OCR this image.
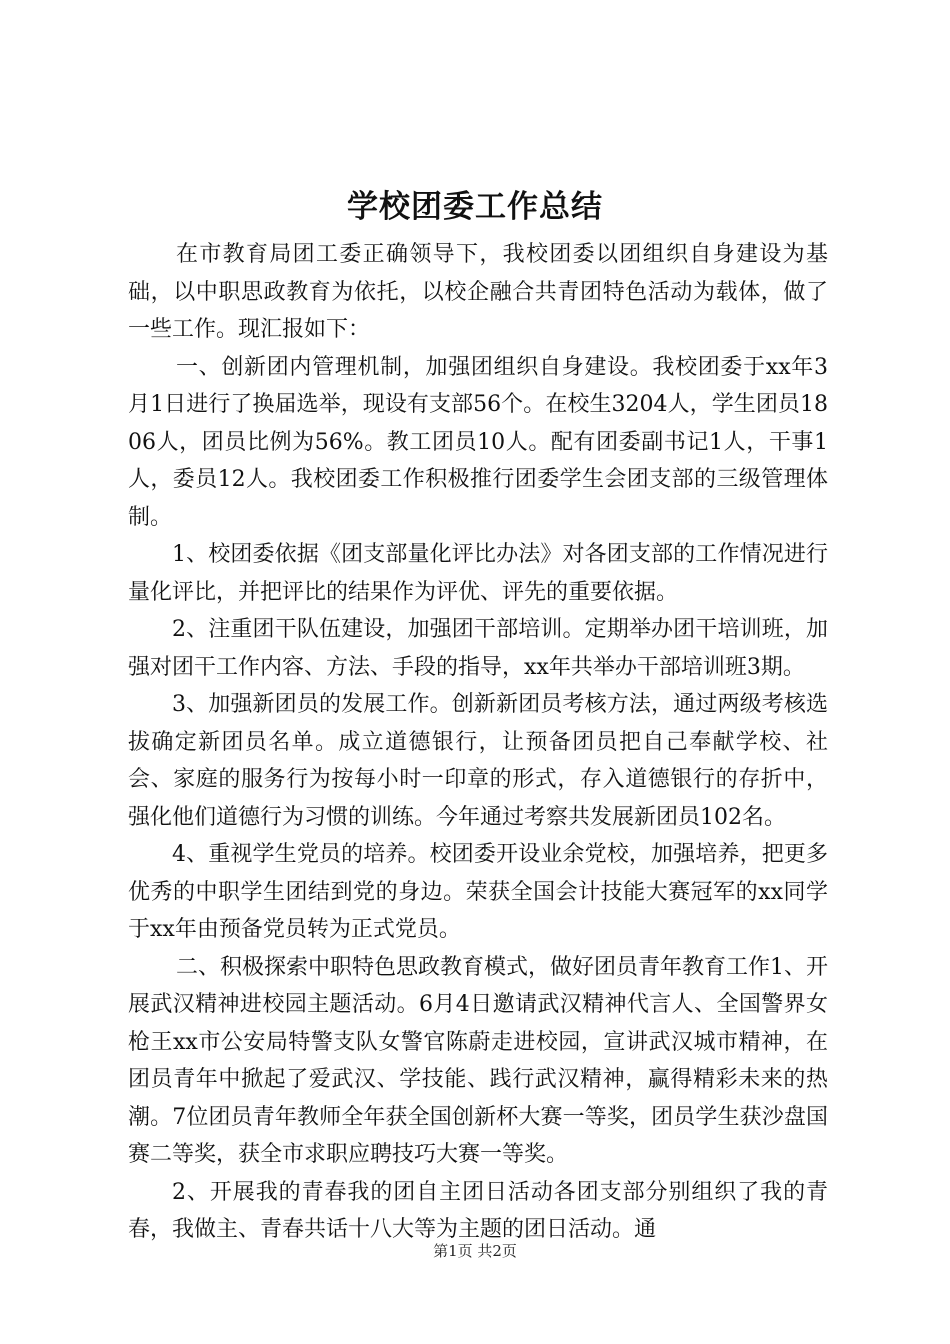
学校团委工作总结

在市教育局团工委正确领导下，我校团委以团组织自身建设为基础，以中职思政教育为依托，以校企融合共青团特色活动为载体，做了一些工作。现汇报如下：

一、创新团内管理机制，加强团组织自身建设。我校团委于xx年3月1日进行了换届选举，现设有支部56个。在校生3204人，学生团员1806人，团员比例为56%。教工团员10人。配有团委副书记1人，干事1人，委员12人。我校团委工作积极推行团委学生会团支部的三级管理体制。

1、校团委依据《团支部量化评比办法》对各团支部的工作情况进行量化评比，并把评比的结果作为评优、评先的重要依据。

2、注重团干队伍建设，加强团干部培训。定期举办团干培训班，加强对团干工作内容、方法、手段的指导，xx年共举办干部培训班3期。

3、加强新团员的发展工作。创新新团员考核方法，通过两级考核选拔确定新团员名单。成立道德银行，让预备团员把自己奉献学校、社会、家庭的服务行为按每小时一印章的形式，存入道德银行的存折中，强化他们道德行为习惯的训练。今年通过考察共发展新团员102名。

4、重视学生党员的培养。校团委开设业余党校，加强培养，把更多优秀的中职学生团结到党的身边。荣获全国会计技能大赛冠军的xx同学于xx年由预备党员转为正式党员。

二、积极探索中职特色思政教育模式，做好团员青年教育工作1、开展武汉精神进校园主题活动。6月4日邀请武汉精神代言人、全国警界女枪王xx市公安局特警支队女警官陈蔚走进校园，宣讲武汉城市精神，在团员青年中掀起了爱武汉、学技能、践行武汉精神，赢得精彩未来的热潮。7位团员青年教师全年获全国创新杯大赛一等奖，团员学生获沙盘国赛二等奖，获全市求职应聘技巧大赛一等奖。

2、开展我的青春我的团自主团日活动各团支部分别组织了我的青春，我做主、青春共话十八大等为主题的团日活动。通

第1页 共2页
